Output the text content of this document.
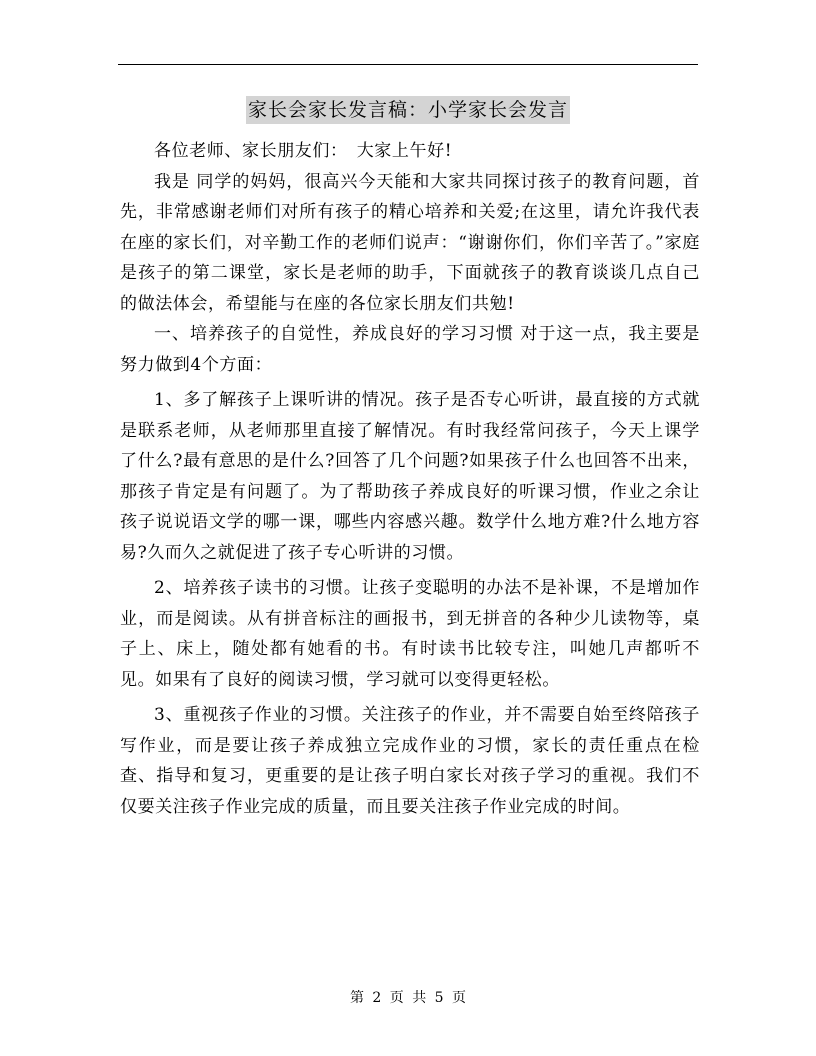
家长会家长发言稿：小学家长会发言

各位老师、家长朋友们：　大家上午好!

我是 同学的妈妈，很高兴今天能和大家共同探讨孩子的教育问题，首先，非常感谢老师们对所有孩子的精心培养和关爱;在这里，请允许我代表在座的家长们，对辛勤工作的老师们说声：“谢谢你们，你们辛苦了。”家庭是孩子的第二课堂，家长是老师的助手，下面就孩子的教育谈谈几点自己的做法体会，希望能与在座的各位家长朋友们共勉!

一、培养孩子的自觉性，养成良好的学习习惯 对于这一点，我主要是努力做到4个方面：

1、多了解孩子上课听讲的情况。孩子是否专心听讲，最直接的方式就是联系老师，从老师那里直接了解情况。有时我经常问孩子，今天上课学了什么?最有意思的是什么?回答了几个问题?如果孩子什么也回答不出来，那孩子肯定是有问题了。为了帮助孩子养成良好的听课习惯，作业之余让孩子说说语文学的哪一课，哪些内容感兴趣。数学什么地方难?什么地方容易?久而久之就促进了孩子专心听讲的习惯。

2、培养孩子读书的习惯。让孩子变聪明的办法不是补课，不是增加作业，而是阅读。从有拼音标注的画报书，到无拼音的各种少儿读物等，桌子上、床上，随处都有她看的书。有时读书比较专注，叫她几声都听不见。如果有了良好的阅读习惯，学习就可以变得更轻松。

3、重视孩子作业的习惯。关注孩子的作业，并不需要自始至终陪孩子写作业，而是要让孩子养成独立完成作业的习惯，家长的责任重点在检查、指导和复习，更重要的是让孩子明白家长对孩子学习的重视。我们不仅要关注孩子作业完成的质量，而且要关注孩子作业完成的时间。

第 2 页 共 5 页
